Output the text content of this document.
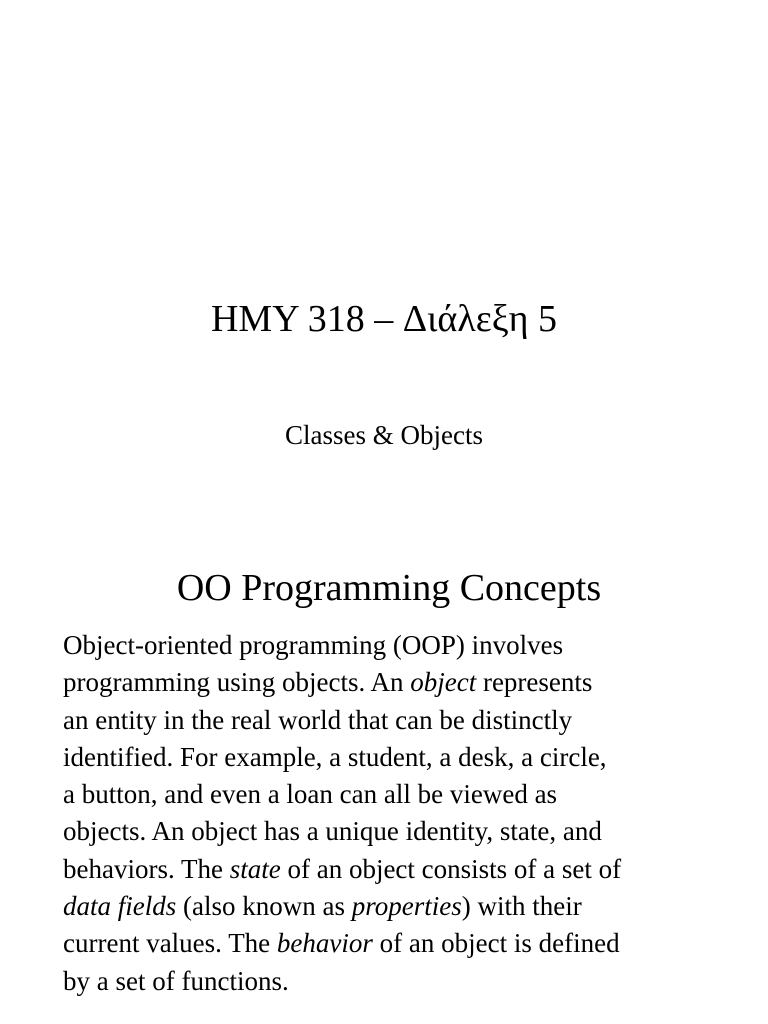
HMY 318 – Διάλεξη 5

Classes & Objects

OO Programming Concepts

Object-oriented programming (OOP) involves
programming using objects. An object represents
an entity in the real world that can be distinctly
identified. For example, a student, a desk, a circle,
a button, and even a loan can all be viewed as
objects. An object has a unique identity, state, and
behaviors. The state of an object consists of a set of
data fields (also known as properties) with their
current values. The behavior of an object is defined
by a set of functions.
